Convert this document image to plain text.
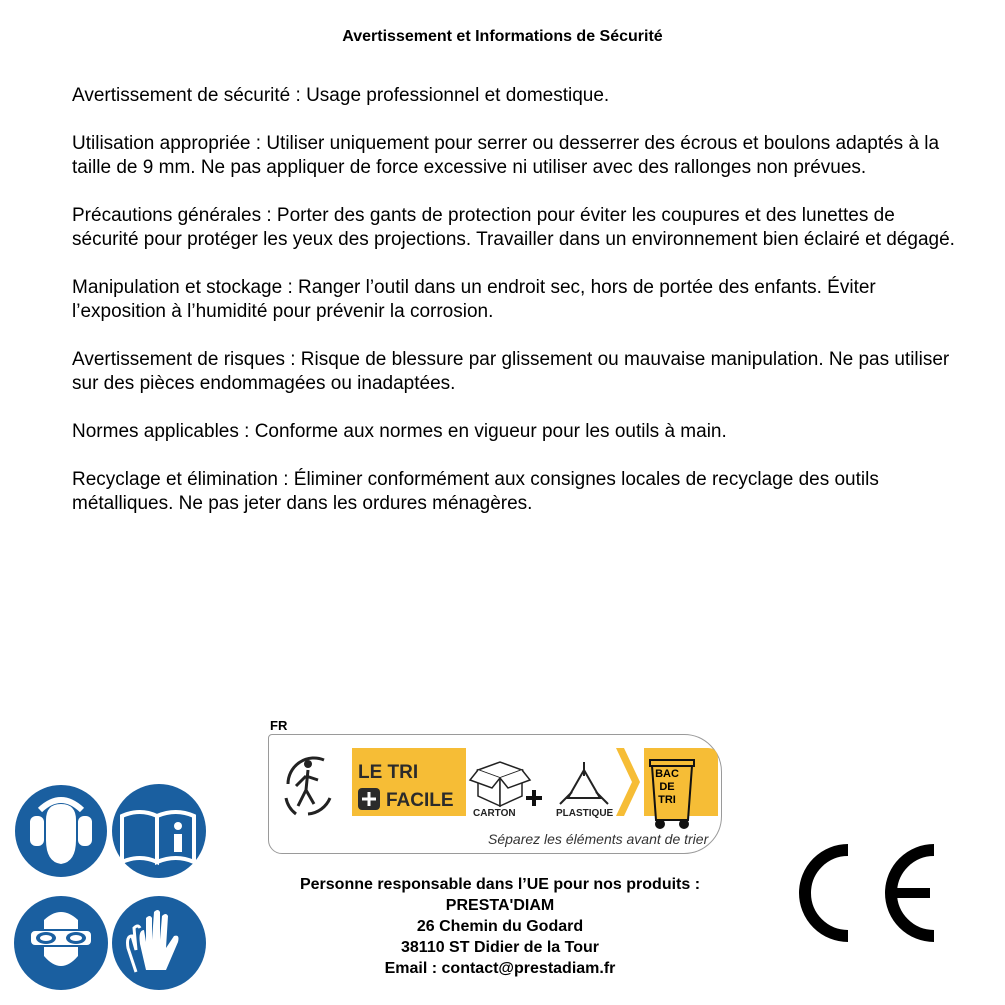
Avertissement et Informations de Sécurité

Avertissement de sécurité : Usage professionnel et domestique.

Utilisation appropriée : Utiliser uniquement pour serrer ou desserrer des écrous et boulons adaptés à la taille de 9 mm. Ne pas appliquer de force excessive ni utiliser avec des rallonges non prévues.

Précautions générales : Porter des gants de protection pour éviter les coupures et des lunettes de sécurité pour protéger les yeux des projections. Travailler dans un environnement bien éclairé et dégagé.

Manipulation et stockage : Ranger l’outil dans un endroit sec, hors de portée des enfants. Éviter l’exposition à l’humidité pour prévenir la corrosion.

Avertissement de risques : Risque de blessure par glissement ou mauvaise manipulation. Ne pas utiliser sur des pièces endommagées ou inadaptées.

Normes applicables : Conforme aux normes en vigueur pour les outils à main.

Recyclage et élimination : Éliminer conformément aux consignes locales de recyclage des outils métalliques. Ne pas jeter dans les ordures ménagères.

FR
LE TRI
FACILE
CARTON	PLASTIQUE
BAC
DE
TRI
Séparez les éléments avant de trier
Personne responsable dans l’UE pour nos produits :
PRESTA'DIAM
26 Chemin du Godard
38110 ST Didier de la Tour
Email : contact@prestadiam.fr
